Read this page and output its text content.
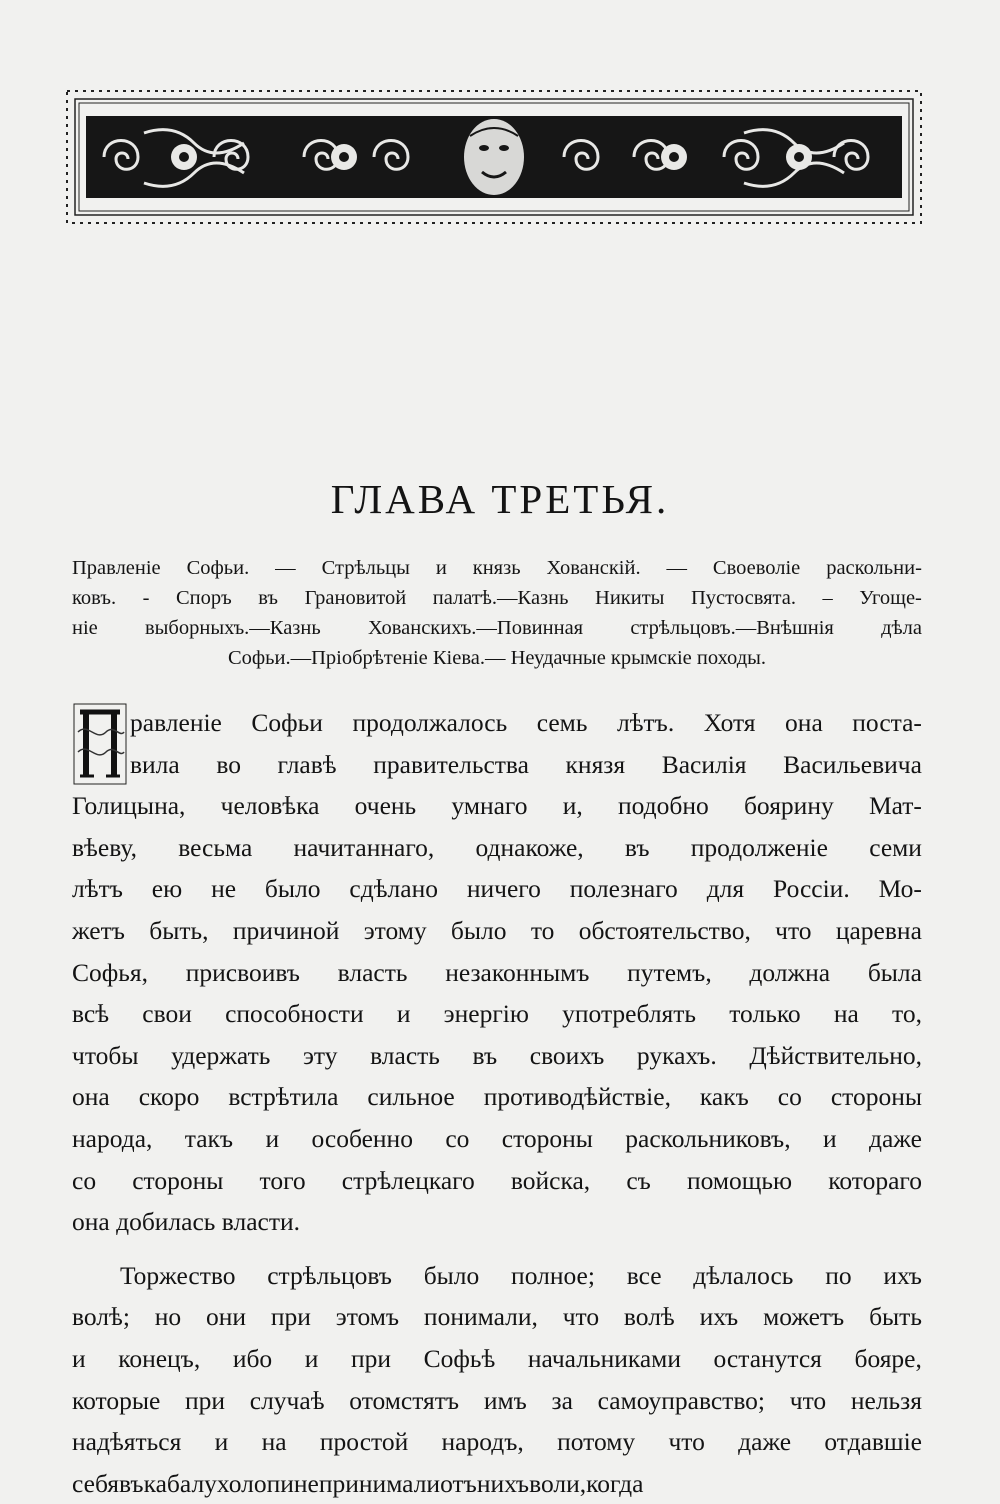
ГЛАВА ТРЕТЬЯ.
Правленіе Софьи. — Стрѣльцы и князь Хованскій. — Своеволіе раскольни-
ковъ. - Споръ въ Грановитой палатѣ.—Казнь Никиты Пустосвята. – Угоще-
ніе выборныхъ.—Казнь Хованскихъ.—Повинная стрѣльцовъ.—Внѣшнія дѣла
Софьи.—Пріобрѣтеніе Кіева.— Неудачные крымскіе походы.
П
равленіе Софьи продолжалось семь лѣтъ. Хотя она поста-
вила во главѣ правительства князя Василія Васильевича
Голицына, человѣка очень умнаго и, подобно боярину Мат-
вѣеву, весьма начитаннаго, однакоже, въ продолженіе семи
лѣтъ ею не было сдѣлано ничего полезнаго для Россіи. Мо-
жетъ быть, причиной этому было то обстоятельство, что царевна
Софья, присвоивъ власть незаконнымъ путемъ, должна была
всѣ свои способности и энергію употреблять только на то,
чтобы удержать эту власть въ своихъ рукахъ. Дѣйствительно,
она скоро встрѣтила сильное противодѣйствіе, какъ со стороны
народа, такъ и особенно со стороны раскольниковъ, и даже
со стороны того стрѣлецкаго войска, съ помощью котораго
она добилась власти.
Торжество стрѣльцовъ было полное; все дѣлалось по ихъ
волѣ; но они при этомъ понимали, что волѣ ихъ можетъ быть
и конецъ, ибо и при Софьѣ начальниками останутся бояре,
которые при случаѣ отомстятъ имъ за самоуправство; что нельзя
надѣяться и на простой народъ, потому что даже отдавшіе
себявъкабалухолопинепринималиотънихъволи,когда
